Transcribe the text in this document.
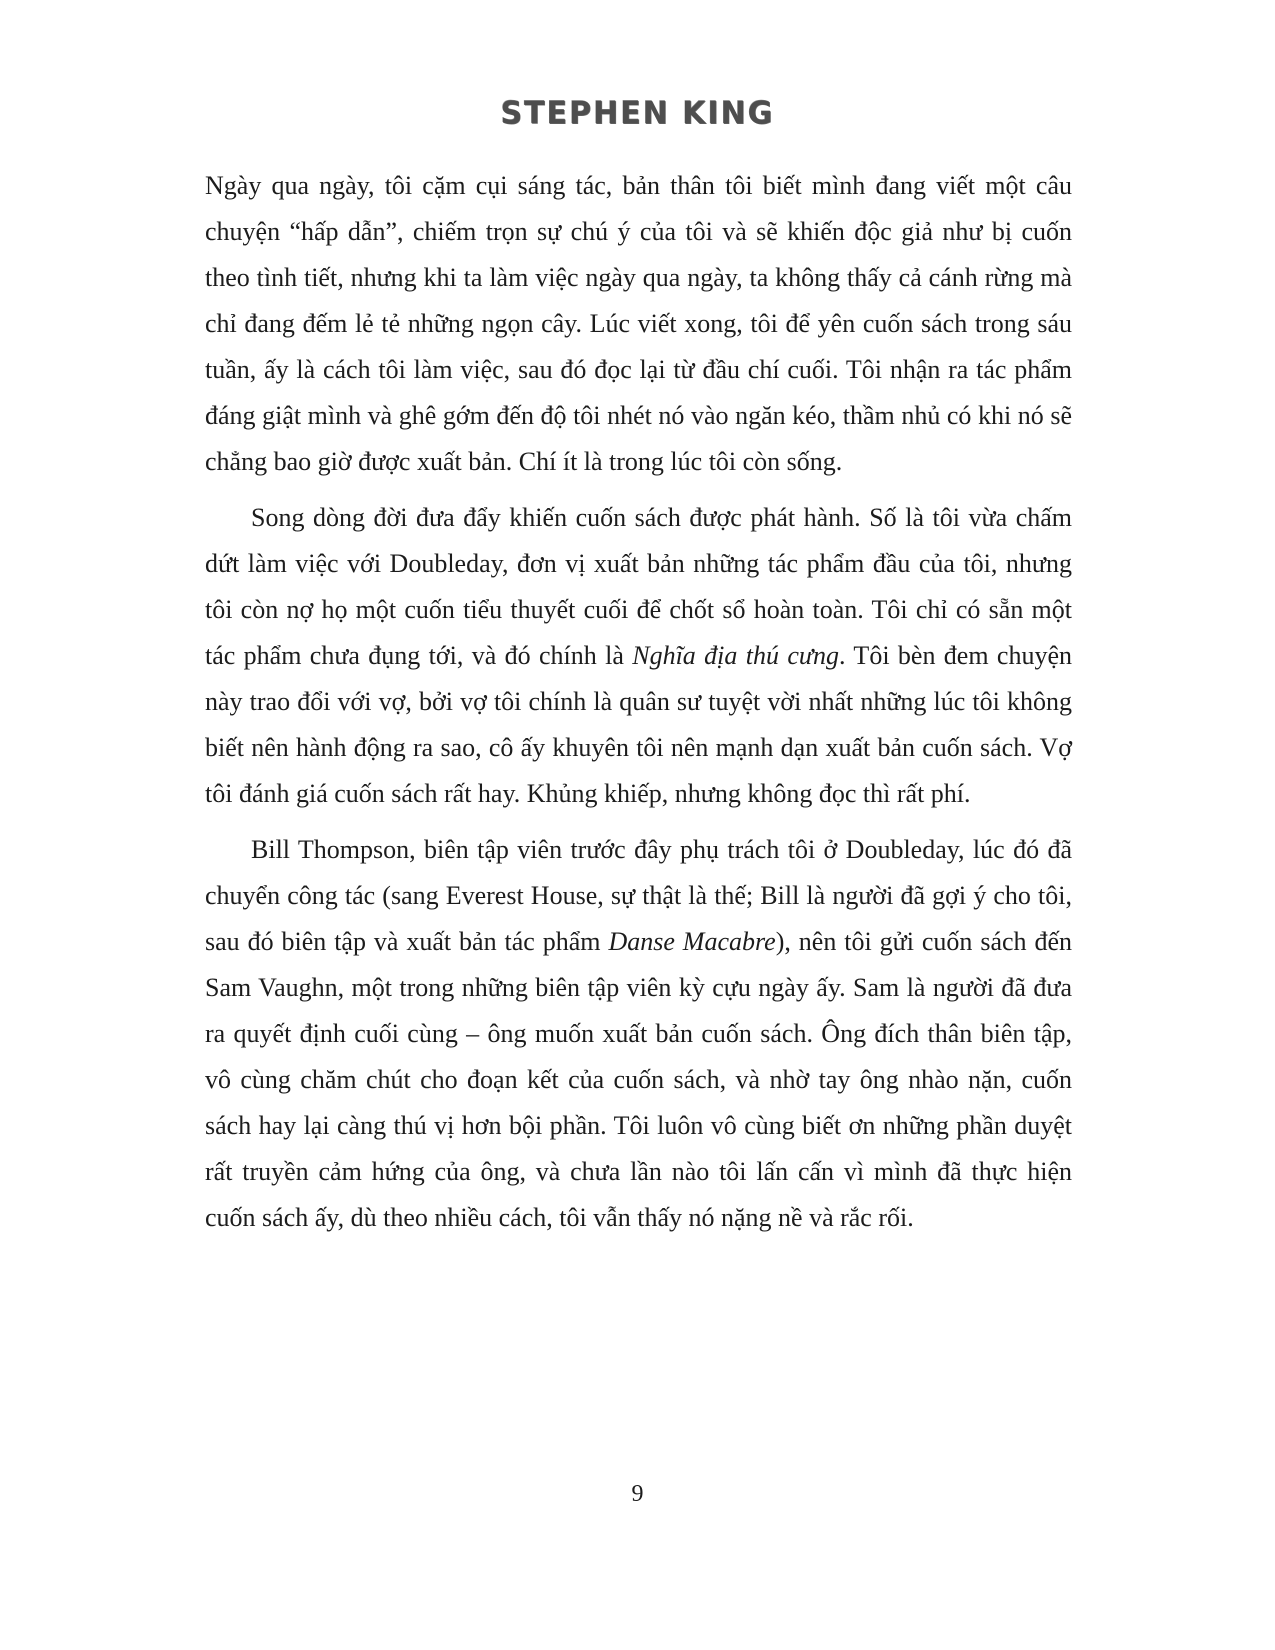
STEPHEN KING

Ngày qua ngày, tôi cặm cụi sáng tác, bản thân tôi biết mình đang viết một câu chuyện “hấp dẫn”, chiếm trọn sự chú ý của tôi và sẽ khiến độc giả như bị cuốn theo tình tiết, nhưng khi ta làm việc ngày qua ngày, ta không thấy cả cánh rừng mà chỉ đang đếm lẻ tẻ những ngọn cây. Lúc viết xong, tôi để yên cuốn sách trong sáu tuần, ấy là cách tôi làm việc, sau đó đọc lại từ đầu chí cuối. Tôi nhận ra tác phẩm đáng giật mình và ghê gớm đến độ tôi nhét nó vào ngăn kéo, thầm nhủ có khi nó sẽ chẳng bao giờ được xuất bản. Chí ít là trong lúc tôi còn sống.

Song dòng đời đưa đẩy khiến cuốn sách được phát hành. Số là tôi vừa chấm dứt làm việc với Doubleday, đơn vị xuất bản những tác phẩm đầu của tôi, nhưng tôi còn nợ họ một cuốn tiểu thuyết cuối để chốt sổ hoàn toàn. Tôi chỉ có sẵn một tác phẩm chưa đụng tới, và đó chính là Nghĩa địa thú cưng. Tôi bèn đem chuyện này trao đổi với vợ, bởi vợ tôi chính là quân sư tuyệt vời nhất những lúc tôi không biết nên hành động ra sao, cô ấy khuyên tôi nên mạnh dạn xuất bản cuốn sách. Vợ tôi đánh giá cuốn sách rất hay. Khủng khiếp, nhưng không đọc thì rất phí.

Bill Thompson, biên tập viên trước đây phụ trách tôi ở Doubleday, lúc đó đã chuyển công tác (sang Everest House, sự thật là thế; Bill là người đã gợi ý cho tôi, sau đó biên tập và xuất bản tác phẩm Danse Macabre), nên tôi gửi cuốn sách đến Sam Vaughn, một trong những biên tập viên kỳ cựu ngày ấy. Sam là người đã đưa ra quyết định cuối cùng – ông muốn xuất bản cuốn sách. Ông đích thân biên tập, vô cùng chăm chút cho đoạn kết của cuốn sách, và nhờ tay ông nhào nặn, cuốn sách hay lại càng thú vị hơn bội phần. Tôi luôn vô cùng biết ơn những phần duyệt rất truyền cảm hứng của ông, và chưa lần nào tôi lấn cấn vì mình đã thực hiện cuốn sách ấy, dù theo nhiều cách, tôi vẫn thấy nó nặng nề và rắc rối.

9
